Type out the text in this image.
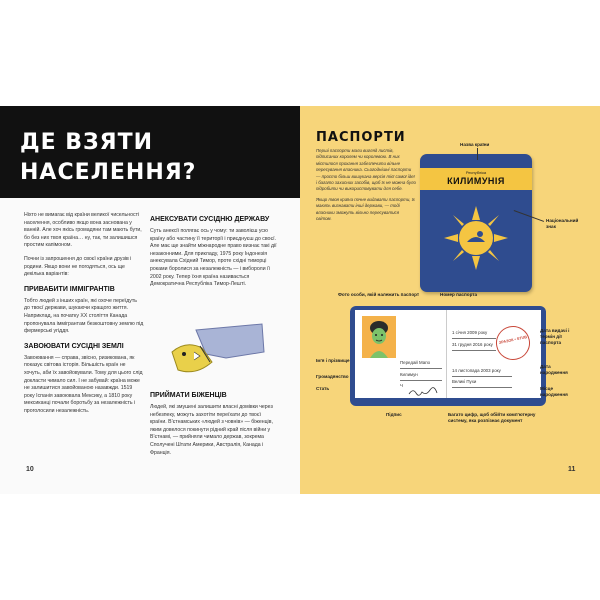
ДЕ ВЗЯТИ НАСЕЛЕННЯ?

Ніхто не вимагає від країни великої чисельності населення, особливо якщо вона заснована у ванній. Але хоч якісь громадяни там мають бути, бо без них твоя країна… ну, так, ти залишишся простим капімоном.

Почни із запрошення до своєї країни друзів і родини. Якщо вони не погодяться, ось ще декілька варіантів:

ПРИВАБИТИ ІММІГРАНТІВ

Тобто людей з інших країн, які охоче переїдуть до твоєї держави, шукаючи кращого життя. Наприклад, на початку XX століття Канада пропонувала іммігрантам безкоштовну землю під фермерські угіддя.

ЗАВОЮВАТИ СУСІДНІ ЗЕМЛІ

Завоювання — справа, звісно, ризикована, як показує світова історія. Більшість країн не хочуть, аби їх завойовували. Тому для цього слід докласти чимало сил. І не забувай: країна може не залишитися завойованою назавжди. 1519 року Іспанія завоювала Мексику, а 1810 року мексиканці почали боротьбу за незалежність і проголосили незалежність.

АНЕКСУВАТИ СУСІДНЮ ДЕРЖАВУ

Суть анексії полягає ось у чому: ти заволієш усю країну або частину її території і приєднуєш до своєї. Але має ще знайти міжнародне право визнає такі дії незаконними. Для прикладу, 1975 року Індонезія анексувала Східний Тимор, проте східні тиморці роками боролися за незалежність — і вибороли її 2002 року. Тепер їхня країна називається Демократична Республіка Тимор-Лешті.

ПРИЙМАТИ БІЖЕНЦІВ

Людей, які змушені залишити власні домівки через небезпеку, можуть захотіти переїхати до твоєї країни. В'єтнамських «людей з човнів» — біженців, яким довелося покинути рідний край після війни у В'єтнамі, — прийняли чимало держав, зокрема Сполучені Штати Америки, Австралія, Канада і Франція.

10
ПАСПОРТИ

Перші паспорти мали вигляд листів, підписаних королем чи королевою. В них містилося прохання забезпечити вільне пересування власника. Сьогоднішні паспорти — просто більш вишукана версія тієї самої ідеї і багато захисних засобів, щоб їх не можна було підробити чи використовувати для себе.

Якщо твоя країна почне видавати паспорти, їх мають визнавати інші держави, — тоді власники зможуть вільно пересуватися світом.

Республіка
КИЛИМУНІЯ
Назва країни
Національний знак
Фото особи, якій належить паспорт	Номер паспорта
Передай Мапо
Килимун
Ч
1 січня 2009 року
31 грудня 2016 року
14 листопада 2003 року
Великі Пухи
ЗРАЗОК • STUB
Дата видачі і термін дії паспорта
Дата народження
Місце народження
Ім'я і прізвище
Громадянство
Стать
Підпис	Багато цифр, щоб обійти комп'ютерну систему, яка розпізнає документ
11
